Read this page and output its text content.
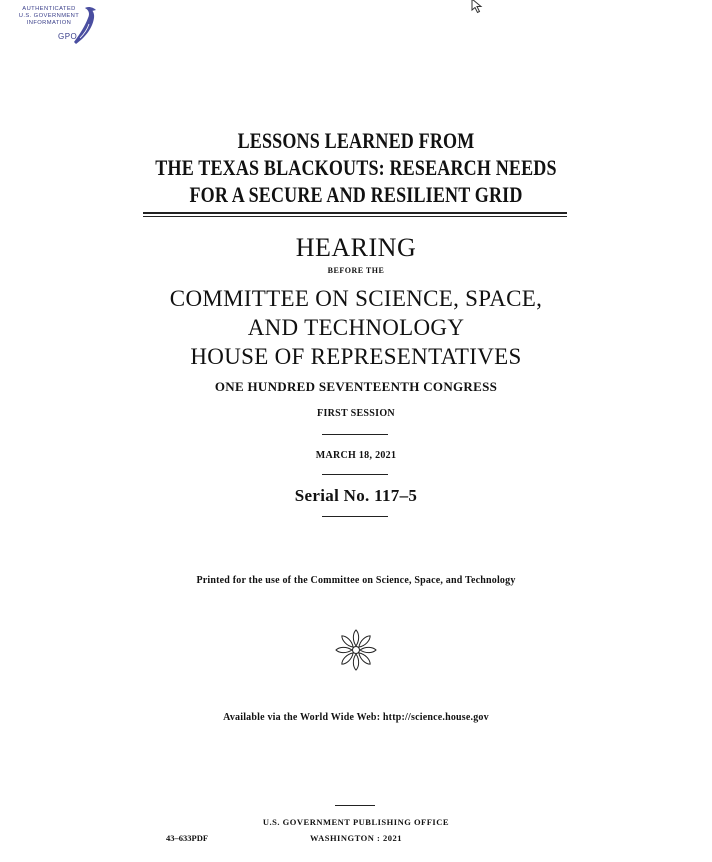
AUTHENTICATED
U.S. GOVERNMENT
INFORMATION
GPO
LESSONS LEARNED FROM
THE TEXAS BLACKOUTS: RESEARCH NEEDS
FOR A SECURE AND RESILIENT GRID
HEARING
BEFORE THE
COMMITTEE ON SCIENCE, SPACE,
AND TECHNOLOGY
HOUSE OF REPRESENTATIVES
ONE HUNDRED SEVENTEENTH CONGRESS
FIRST SESSION
MARCH 18, 2021
Serial No. 117–5
Printed for the use of the Committee on Science, Space, and Technology
Available via the World Wide Web: http://science.house.gov
U.S. GOVERNMENT PUBLISHING OFFICE
43–633PDF	WASHINGTON : 2021
